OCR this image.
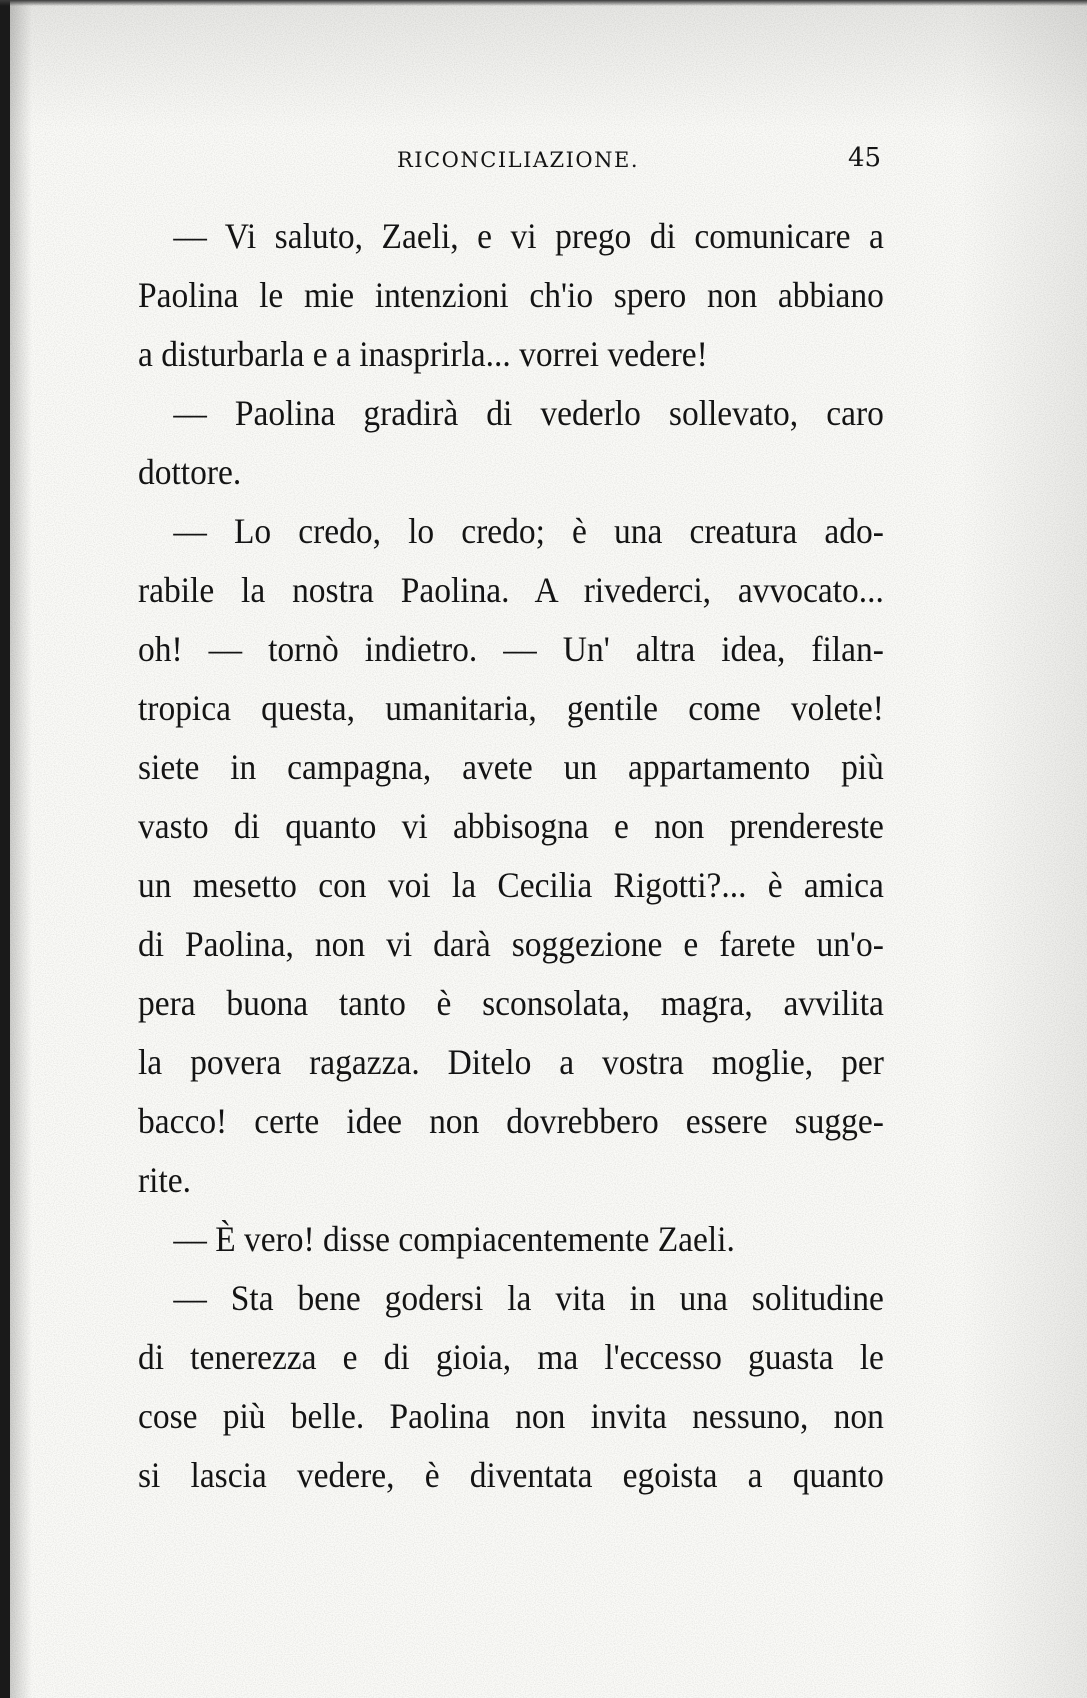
RICONCILIAZIONE.	45
— Vi saluto, Zaeli, e vi prego di comunicare a
Paolina le mie intenzioni ch'io spero non abbiano
a disturbarla e a inasprirla... vorrei vedere!
— Paolina gradirà di vederlo sollevato, caro
dottore.
— Lo credo, lo credo; è una creatura ado-
rabile la nostra Paolina. A rivederci, avvocato...
oh! — tornò indietro. — Un' altra idea, filan-
tropica questa, umanitaria, gentile come volete!
siete in campagna, avete un appartamento più
vasto di quanto vi abbisogna e non prendereste
un mesetto con voi la Cecilia Rigotti?... è amica
di Paolina, non vi darà soggezione e farete un'o-
pera buona tanto è sconsolata, magra, avvilita
la povera ragazza. Ditelo a vostra moglie, per
bacco! certe idee non dovrebbero essere sugge-
rite.
— È vero! disse compiacentemente Zaeli.
— Sta bene godersi la vita in una solitudine
di tenerezza e di gioia, ma l'eccesso guasta le
cose più belle. Paolina non invita nessuno, non
si lascia vedere, è diventata egoista a quanto
